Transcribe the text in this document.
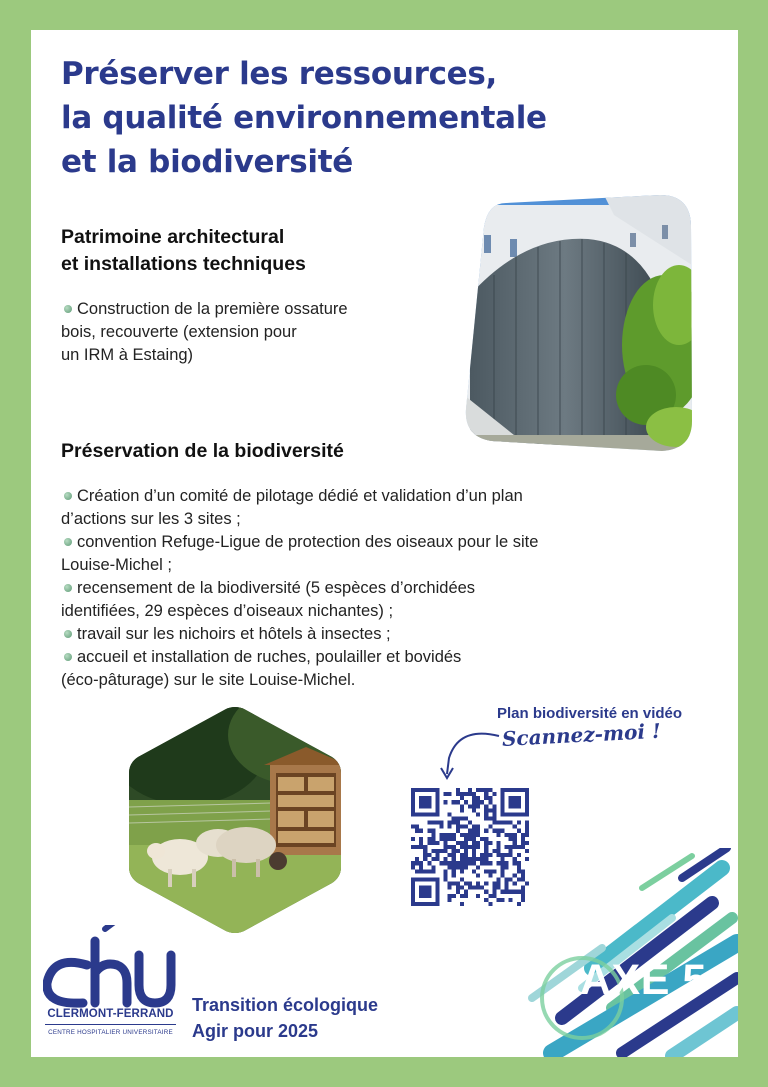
Préserver les ressources,
la qualité environnementale
et la biodiversité
Patrimoine architectural
et installations techniques
Construction de la première ossature
bois, recouverte (extension pour
un IRM à Estaing)
Préservation de la biodiversité
Création d’un comité de pilotage dédié et validation d’un plan
d’actions sur les 3 sites ;
convention Refuge-Ligue de protection des oiseaux pour le site
Louise-Michel ;
recensement de la biodiversité (5 espèces d’orchidées
identifiées, 29 espèces d’oiseaux nichantes) ;
travail sur les nichoirs et hôtels à insectes ;
accueil et installation de ruches, poulailler et bovidés
(éco-pâturage) sur le site Louise-Michel.
Plan biodiversité en vidéo
Scannez-moi !
CLERMONT-FERRAND
CENTRE HOSPITALIER UNIVERSITAIRE
Transition écologique
Agir pour 2025
AXE 5
